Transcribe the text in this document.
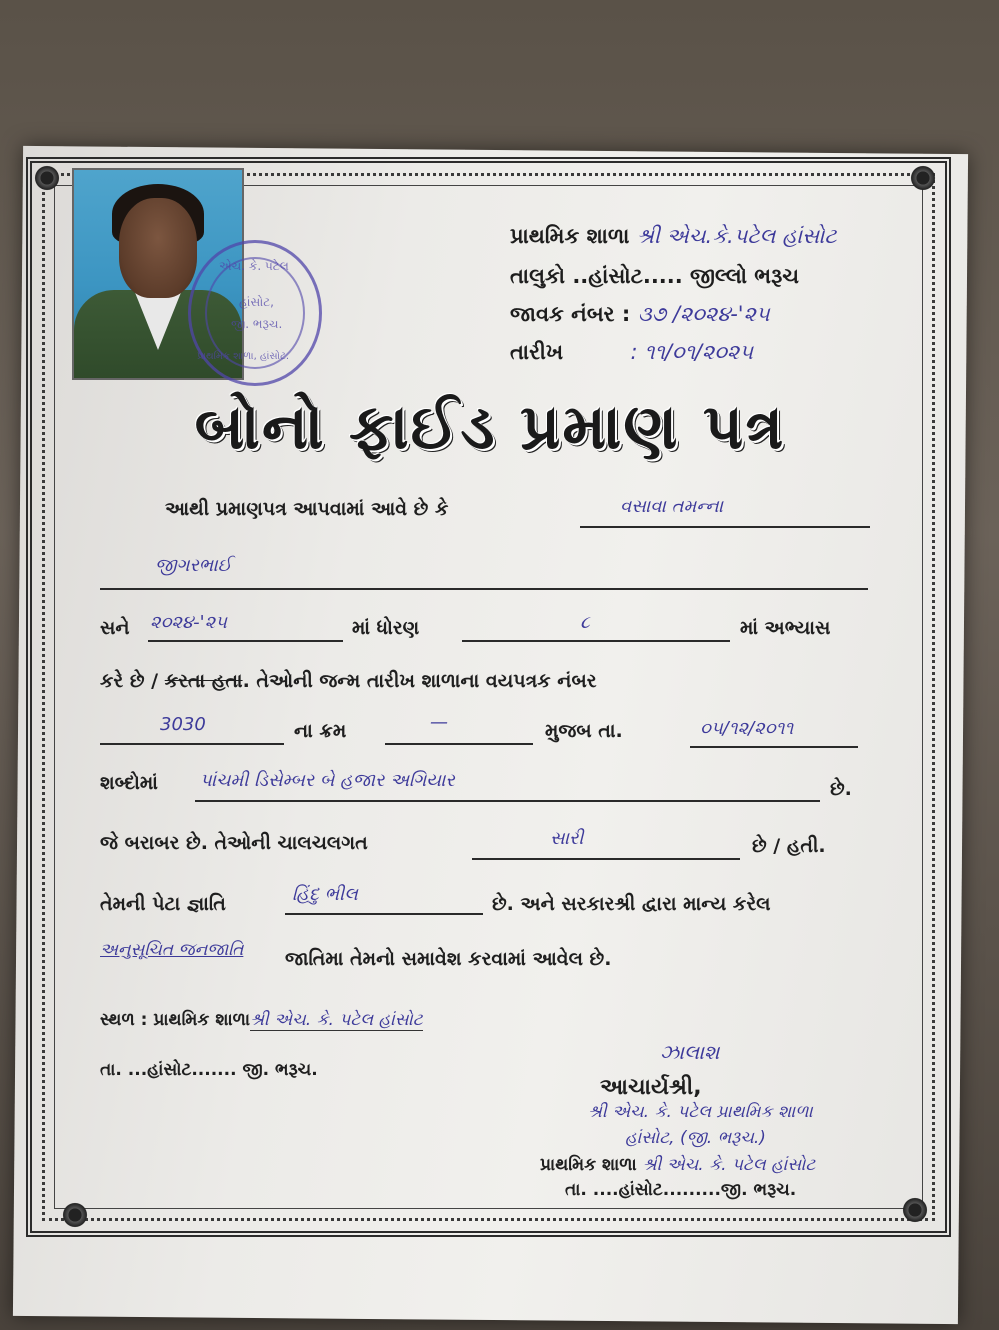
એચ. કે. પટેલ
હાંસોટ,
જી. ભરૂચ.
પ્રાથમિક શાળા, હાંસોટ.
પ્રાથમિક શાળા શ્રી એચ.કે.પટેલ હાંસોટ
તાલુકો ..હાંસોટ..... જીલ્લો ભરૂચ
જાવક નંબર : ૩૭ /૨૦૨૪-'૨૫
તારીખ	: ૧૧/૦૧/૨૦૨૫
બોનો ફાઈડ પ્રમાણ પત્ર
આથી પ્રમાણપત્ર આપવામાં આવે છે કે	વસાવા તમન્ના
જીગરભાઈ
સને ૨૦૨૪-'૨૫	માં ધોરણ	૮	માં અભ્યાસ
કરે છે / કરતા હતા. તેઓની જન્મ તારીખ શાળાના વયપત્રક નંબર
3030	ના ક્રમ	—	મુજબ તા.	૦૫/૧૨/૨૦૧૧
શબ્દોમાં પાંચમી ડિસેમ્બર બે હજાર અગિયાર	છે.
જે બરાબર છે. તેઓની ચાલચલગત	સારી	છે / હતી.
તેમની પેટા જ્ઞાતિ	હિંદુ ભીલ	છે. અને સરકારશ્રી દ્વારા માન્ય કરેલ
અનુસૂચિત જનજાતિ જાતિમા તેમનો સમાવેશ કરવામાં આવેલ છે.
સ્થળ : પ્રાથમિક શાળાશ્રી એચ. કે. પટેલ હાંસોટ
તા. ...હાંસોટ....... જી. ભરૂચ.
ઝાલાશ
આચાર્યશ્રી,
શ્રી એચ. કે. પટેલ પ્રાથમિક શાળા
હાંસોટ, (જી. ભરૂચ.)
પ્રાથમિક શાળા શ્રી એચ. કે. પટેલ હાંસોટ
તા. ....હાંસોટ.........જી. ભરૂચ.
